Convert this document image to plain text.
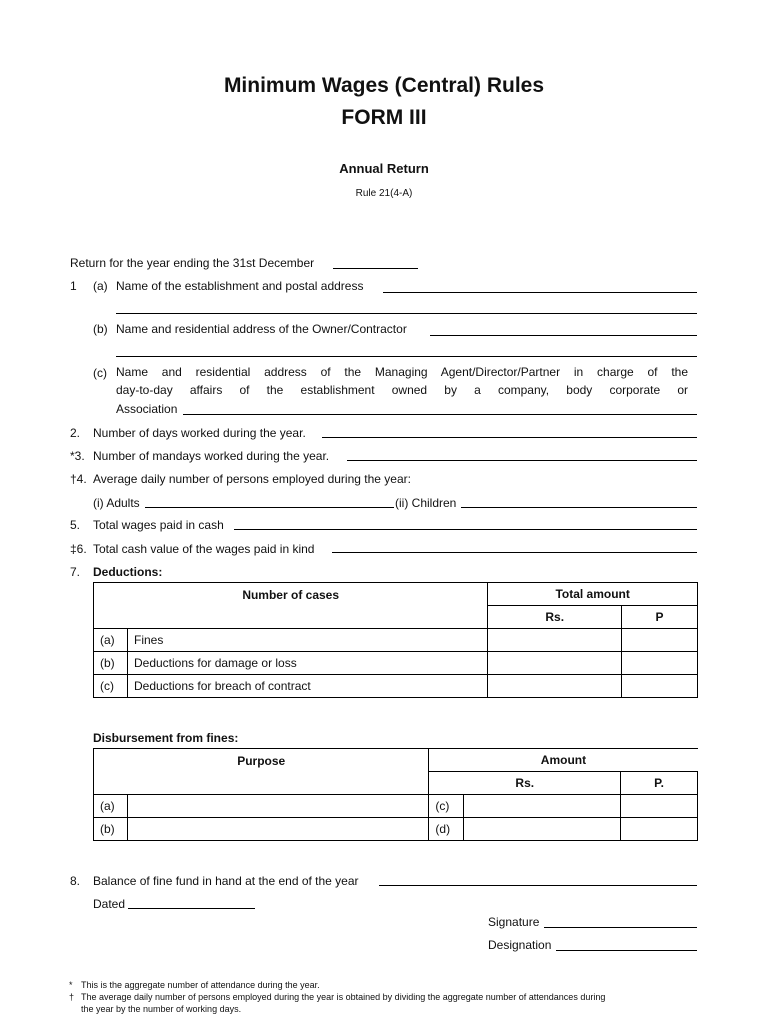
Minimum Wages (Central) Rules
FORM III
Annual Return
Rule 21(4-A)
Return for the year ending the 31st December
1 (a) Name of the establishment and postal address
(b) Name and residential address of the Owner/Contractor
(c) Name and residential address of the Managing Agent/Director/Partner in charge of the
day-to-day affairs of the establishment owned by a company, body corporate or
Association
2. Number of days worked during the year.
*3. Number of mandays worked during the year.
†4. Average daily number of persons employed during the year:
(i) Adults	(ii) Children
5. Total wages paid in cash
‡6. Total cash value of the wages paid in kind
7. Deductions:
Number of cases		Total amount	
		Rs.	P
(a)	Fines		
(b)	Deductions for damage or loss		
(c)	Deductions for breach of contract		
Disbursement from fines:
Purpose		Amount		
		Rs.		P.
(a)		(c)		
(b)		(d)		
8. Balance of fine fund in hand at the end of the year
Dated
Signature
Designation
* This is the aggregate number of attendance during the year.
† The average daily number of persons employed during the year is obtained by dividing the aggregate number of attendances during
the year by the number of working days.
